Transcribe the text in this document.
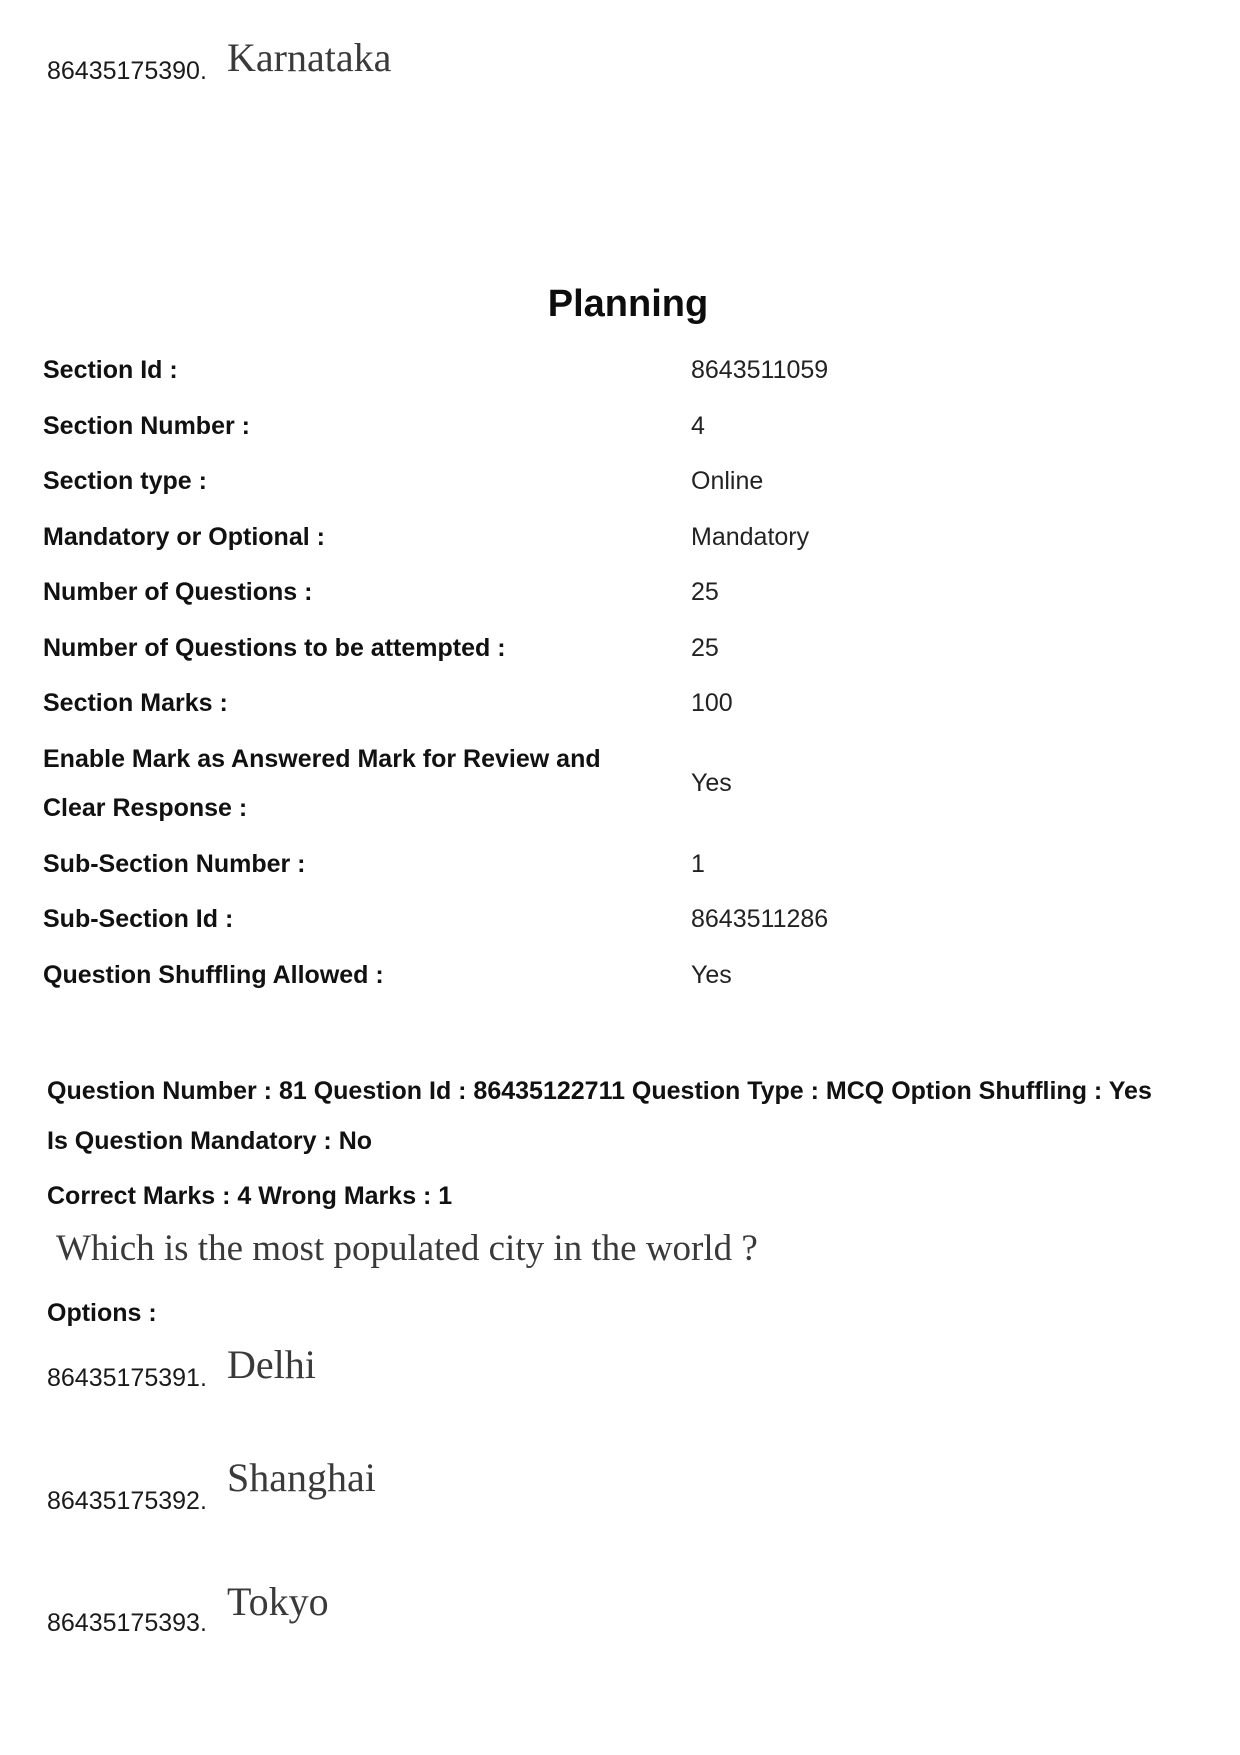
86435175390. Karnataka
Planning
Section Id :	8643511059
Section Number :	4
Section type :	Online
Mandatory or Optional :	Mandatory
Number of Questions :	25
Number of Questions to be attempted :	25
Section Marks :	100
Enable Mark as Answered Mark for Review and Clear Response :
Yes
Sub-Section Number :	1
Sub-Section Id :	8643511286
Question Shuffling Allowed :	Yes
Question Number : 81 Question Id : 86435122711 Question Type : MCQ Option Shuffling : Yes
Is Question Mandatory : No
Correct Marks : 4 Wrong Marks : 1
Which is the most populated city in the world ?
Options :
86435175391. Delhi
86435175392.
Shanghai
86435175393. Tokyo
